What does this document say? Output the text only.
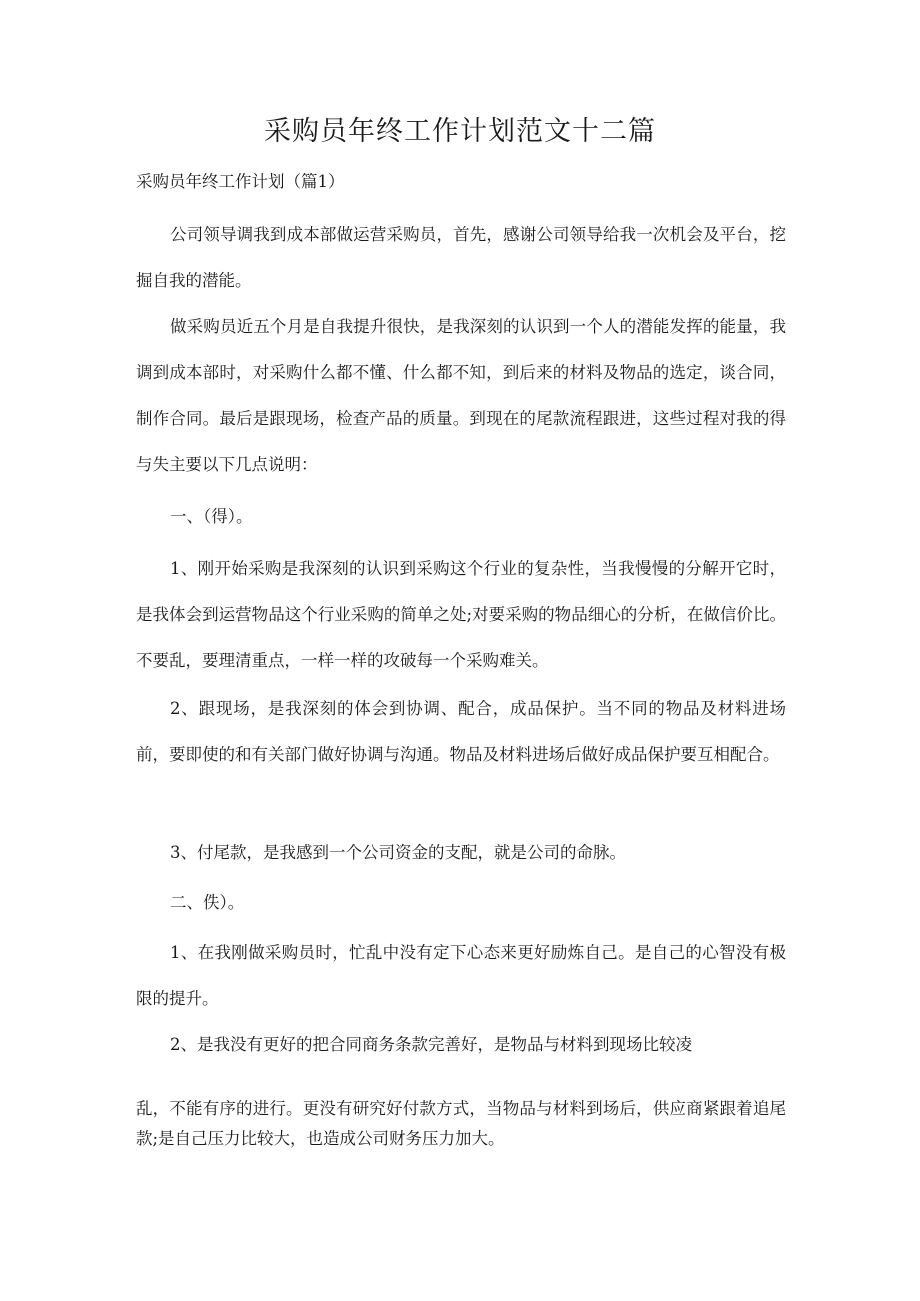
采购员年终工作计划范文十二篇

采购员年终工作计划（篇1）

公司领导调我到成本部做运营采购员，首先，感谢公司领导给我一次机会及平台，挖掘自我的潜能。

做采购员近五个月是自我提升很快，是我深刻的认识到一个人的潜能发挥的能量，我调到成本部时，对采购什么都不懂、什么都不知，到后来的材料及物品的选定，谈合同，制作合同。最后是跟现场，检查产品的质量。到现在的尾款流程跟进，这些过程对我的得与失主要以下几点说明：

一、（得）。

1、刚开始采购是我深刻的认识到采购这个行业的复杂性，当我慢慢的分解开它时，是我体会到运营物品这个行业采购的简单之处;对要采购的物品细心的分析，在做信价比。不要乱，要理清重点，一样一样的攻破每一个采购难关。

2、跟现场，是我深刻的体会到协调、配合，成品保护。当不同的物品及材料进场前，要即使的和有关部门做好协调与沟通。物品及材料进场后做好成品保护要互相配合。

3、付尾款，是我感到一个公司资金的支配，就是公司的命脉。

二、佚）。

1、在我刚做采购员时，忙乱中没有定下心态来更好励炼自己。是自己的心智没有极限的提升。

2、是我没有更好的把合同商务条款完善好，是物品与材料到现场比较凌

乱，不能有序的进行。更没有研究好付款方式，当物品与材料到场后，供应商紧跟着追尾款;是自己压力比较大，也造成公司财务压力加大。
